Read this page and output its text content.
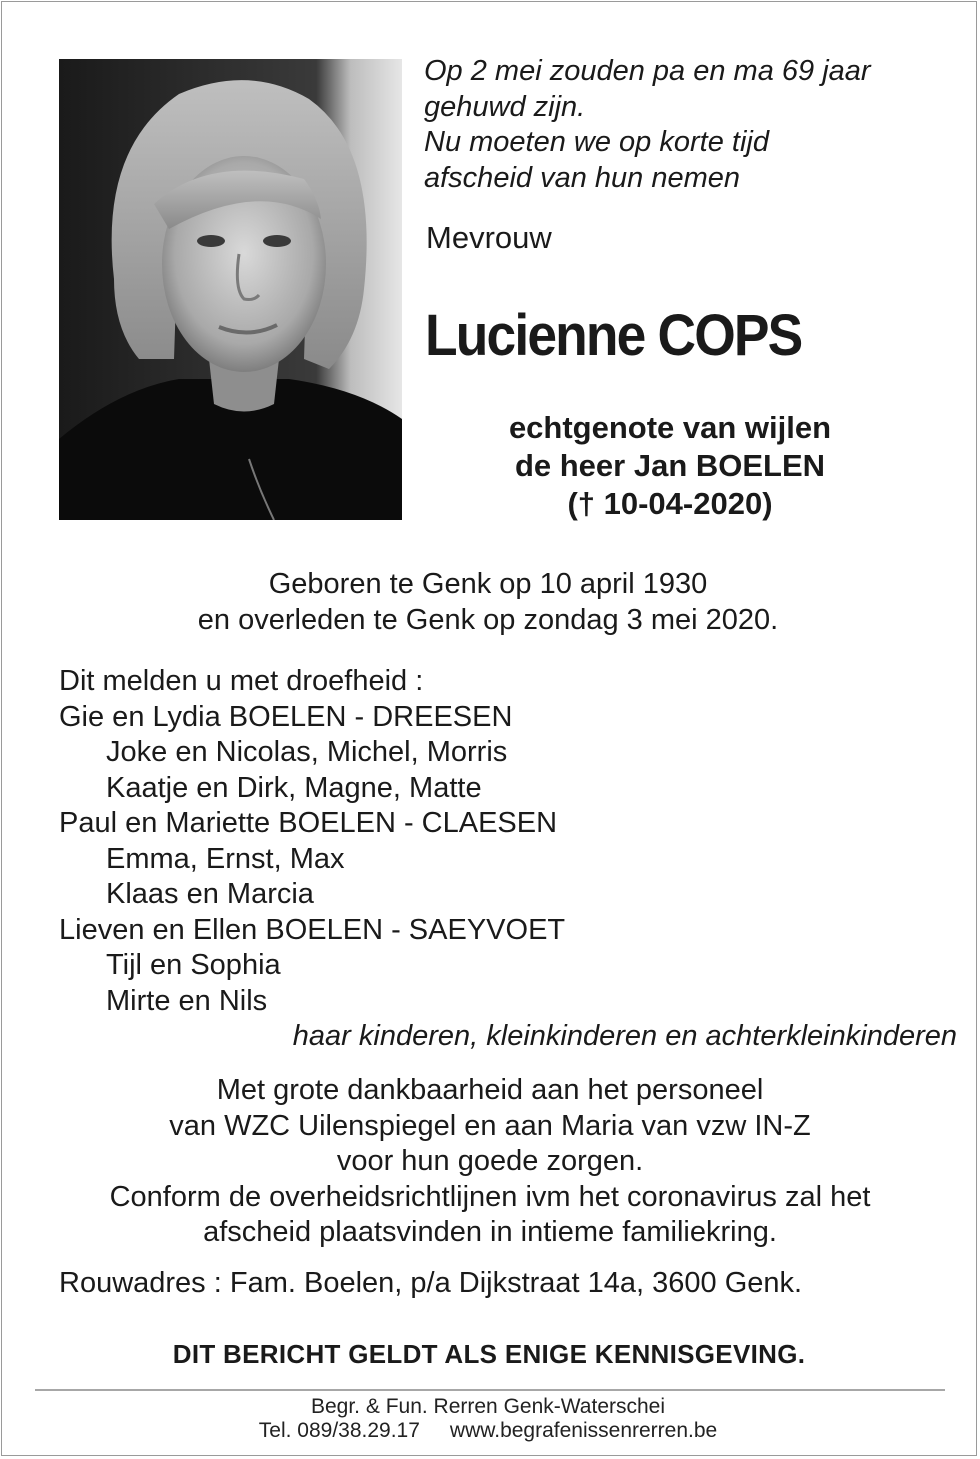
Op 2 mei zouden pa en ma 69 jaar
gehuwd zijn.
Nu moeten we op korte tijd
afscheid van hun nemen
Mevrouw
Lucienne COPS
echtgenote van wijlen
de heer Jan BOELEN
(† 10-04-2020)
Geboren te Genk op 10 april 1930
en overleden te Genk op zondag 3 mei 2020.
Dit melden u met droefheid :
Gie en Lydia BOELEN - DREESEN
Joke en Nicolas, Michel, Morris
Kaatje en Dirk, Magne, Matte
Paul en Mariette BOELEN - CLAESEN
Emma, Ernst, Max
Klaas en Marcia
Lieven en Ellen BOELEN - SAEYVOET
Tijl en Sophia
Mirte en Nils
haar kinderen, kleinkinderen en achterkleinkinderen
Met grote dankbaarheid aan het personeel
van WZC Uilenspiegel en aan Maria van vzw IN-Z
voor hun goede zorgen.
Conform de overheidsrichtlijnen ivm het coronavirus zal het
afscheid plaatsvinden in intieme familiekring.
Rouwadres : Fam. Boelen, p/a Dijkstraat 14a, 3600 Genk.
DIT BERICHT GELDT ALS ENIGE KENNISGEVING.
Begr. & Fun. Rerren Genk-Waterschei
Tel. 089/38.29.17 www.begrafenissenrerren.be
